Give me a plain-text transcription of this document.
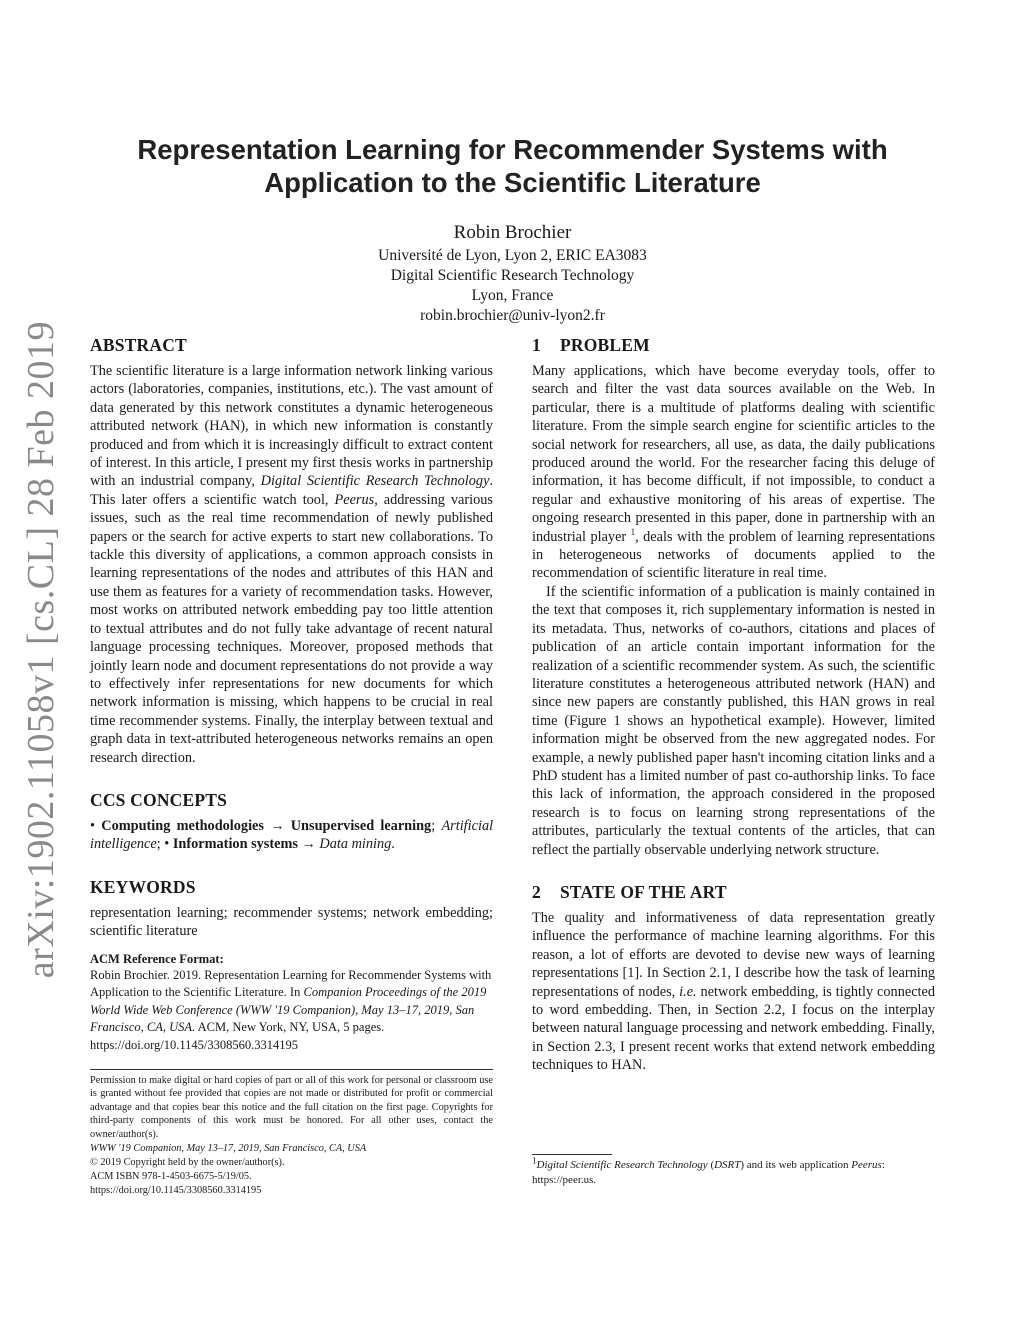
arXiv:1902.11058v1 [cs.CL] 28 Feb 2019
Representation Learning for Recommender Systems with
Application to the Scientific Literature
Robin Brochier
Université de Lyon, Lyon 2, ERIC EA3083
Digital Scientific Research Technology
Lyon, France
robin.brochier@univ-lyon2.fr
ABSTRACT

The scientific literature is a large information network linking various actors (laboratories, companies, institutions, etc.). The vast amount of data generated by this network constitutes a dynamic heterogeneous attributed network (HAN), in which new information is constantly produced and from which it is increasingly difficult to extract content of interest. In this article, I present my first thesis works in partnership with an industrial company, Digital Scientific Research Technology. This later offers a scientific watch tool, Peerus, addressing various issues, such as the real time recommendation of newly published papers or the search for active experts to start new collaborations. To tackle this diversity of applications, a common approach consists in learning representations of the nodes and attributes of this HAN and use them as features for a variety of recommendation tasks. However, most works on attributed network embedding pay too little attention to textual attributes and do not fully take advantage of recent natural language processing techniques. Moreover, proposed methods that jointly learn node and document representations do not provide a way to effectively infer representations for new documents for which network information is missing, which happens to be crucial in real time recommender systems. Finally, the interplay between textual and graph data in text-attributed heterogeneous networks remains an open research direction.

CCS CONCEPTS

• Computing methodologies → Unsupervised learning; Artificial intelligence; • Information systems → Data mining.

KEYWORDS

representation learning; recommender systems; network embedding; scientific literature

ACM Reference Format:
Robin Brochier. 2019. Representation Learning for Recommender Systems with Application to the Scientific Literature. In Companion Proceedings of the 2019 World Wide Web Conference (WWW '19 Companion), May 13–17, 2019, San Francisco, CA, USA. ACM, New York, NY, USA, 5 pages. https://doi.org/10.1145/3308560.3314195
Permission to make digital or hard copies of part or all of this work for personal or classroom use is granted without fee provided that copies are not made or distributed for profit or commercial advantage and that copies bear this notice and the full citation on the first page. Copyrights for third-party components of this work must be honored. For all other uses, contact the owner/author(s).
WWW '19 Companion, May 13–17, 2019, San Francisco, CA, USA
© 2019 Copyright held by the owner/author(s).
ACM ISBN 978-1-4503-6675-5/19/05.
https://doi.org/10.1145/3308560.3314195
1 PROBLEM

Many applications, which have become everyday tools, offer to search and filter the vast data sources available on the Web. In particular, there is a multitude of platforms dealing with scientific literature. From the simple search engine for scientific articles to the social network for researchers, all use, as data, the daily publications produced around the world. For the researcher facing this deluge of information, it has become difficult, if not impossible, to conduct a regular and exhaustive monitoring of his areas of expertise. The ongoing research presented in this paper, done in partnership with an industrial player $^1$, deals with the problem of learning representations in heterogeneous networks of documents applied to the recommendation of scientific literature in real time.

If the scientific information of a publication is mainly contained in the text that composes it, rich supplementary information is nested in its metadata. Thus, networks of co-authors, citations and places of publication of an article contain important information for the realization of a scientific recommender system. As such, the scientific literature constitutes a heterogeneous attributed network (HAN) and since new papers are constantly published, this HAN grows in real time (Figure 1 shows an hypothetical example). However, limited information might be observed from the new aggregated nodes. For example, a newly published paper hasn't incoming citation links and a PhD student has a limited number of past co-authorship links. To face this lack of information, the approach considered in the proposed research is to focus on learning strong representations of the attributes, particularly the textual contents of the articles, that can reflect the partially observable underlying network structure.

2 STATE OF THE ART

The quality and informativeness of data representation greatly influence the performance of machine learning algorithms. For this reason, a lot of efforts are devoted to devise new ways of learning representations [1]. In Section 2.1, I describe how the task of learning representations of nodes, i.e. network embedding, is tightly connected to word embedding. Then, in Section 2.2, I focus on the interplay between natural language processing and network embedding. Finally, in Section 2.3, I present recent works that extend network embedding techniques to HAN.

$^1$Digital Scientific Research Technology (DSRT) and its web application Peerus: https://peer.us.
